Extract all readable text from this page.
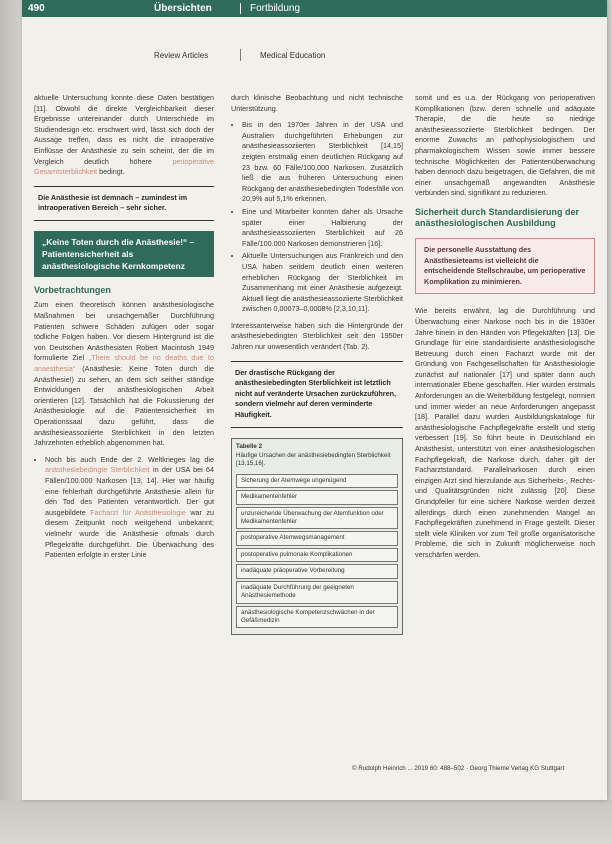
490	Übersichten	Fortbildung
Review Articles	Medical Education

aktuelle Untersuchung konnte diese Daten bestätigen [11]. Obwohl die direkte Vergleichbarkeit dieser Ergebnisse untereinander durch Unterschiede im Studiendesign etc. erschwert wird, lässt sich doch der Aussage treffen, dass es nicht die intraoperative Einflüsse der Anästhesie zu sein scheint, der die im Vergleich deutlich höhere perioperative Gesamtsterblichkeit bedingt.

Die Anästhesie ist demnach – zumindest im intraoperativen Bereich – sehr sicher.
„Keine Toten durch die Anästhesie!“ – Patientensicherheit als anästhesiologische Kernkompetenz
Vorbetrachtungen

Zum einen theoretisch können anästhesiologische Maßnahmen bei unsachgemäßer Durchführung Patienten schwere Schäden zufügen oder sogar tödliche Folgen haben. Vor diesem Hintergrund ist die von Deutschen Anästhesisten Robert Macintosh 1949 formulierte Ziel „There should be no deaths due to anaesthesia“ (Anästhesie: Keine Toten durch die Anästhesie!) zu sehen, an dem sich seither ständige Entwicklungen der anästhesiologischen Arbeit orientieren [12]. Tatsächlich hat die Fokussierung der Anästhesiologie auf die Patientensicherheit im Operationssaal dazu geführt, dass die anästhesieassoziierte Sterblichkeit in den letzten Jahrzehnten erheblich abgenommen hat.

• Noch bis auch Ende der 2. Weltkrieges lag die anästhesiebedingte Sterblichkeit in der USA bei 64 Fällen/100.000 Narkosen [13, 14]. Hier war häufig eine fehlerhaft durchgeführte Anästhesie allein für den Tod des Patienten verantwortlich. Der gut ausgebildete Facharzt für Anästhesiologie war zu diesem Zeitpunkt noch weitgehend unbekannt; vielmehr wurde die Anästhesie oftmals durch Pflegekräfte durchgeführt. Die Überwachung des Patienten erfolgte in erster Linie

durch klinische Beobachtung und nicht technische Unterstützung.

• Bis in den 1970er Jahren in der USA und Australien durchgeführten Erhebungen zur anästhesieassoziierten Sterblichkeit [14,15] zeigten erstmalig einen deutlichen Rückgang auf 23 bzw. 60 Fälle/100.000 Narkosen. Zusätzlich ließ die aus früheren Untersuchung einen Rückgang der anästhesiebedingten Todesfälle von 20,9% auf 5,1% erkennen.
• Eine und Mitarbeiter konnten daher als Ursache später einer Halbierung der anästhesieassoziierten Sterblichkeit auf 26 Fälle/100.000 Narkosen demonstrieren [16].
• Aktuelle Untersuchungen aus Frankreich und den USA haben seitdem deutlich einen weiteren erheblichen Rückgang der Sterblichkeit im Zusammenhang mit einer Anästhesie aufgezeigt. Aktuell liegt die anästhesieassoziierte Sterblichkeit zwischen 0,00073–0,0008% [2,3,10,11].

Interessanterweise haben sich die Hintergründe der anästhesiebedingten Sterblichkeit seit den 1950er Jahren nur unwesentlich verändert (Tab. 2).

Der drastische Rückgang der anästhesiebedingten Sterblichkeit ist letztlich nicht auf veränderte Ursachen zurückzuführen, sondern vielmehr auf deren verminderte Häufigkeit.
Tabelle 2
Häufige Ursachen der anästhesiebedingten Sterblichkeit [13,15,16].
Sicherung der Atemwege ungenügend
Medikamentenfehler
unzureichende Überwachung der Atemfunktion oder Medikamentenfehler
postoperative Atemwegsmanagement
postoperative pulmonale Komplikationen
inadäquate präoperative Vorbereitung
inadäquate Durchführung der geeigneten Anästhesiemethode
anästhesiologische Kompetenzschwächen in der Gefäßmedizin

somit und es u.a. der Rückgang von perioperativen Komplikationen (bzw. deren schnelle und adäquate Therapie, die die heute so niedrige anästhesieassoziierte Sterblichkeit bedingen. Der enorme Zuwachs an pathophysiologischem und pharmakologischem Wissen sowie immer bessere technische Möglichkeiten der Patientenüberwachung haben dennoch dazu beigetragen, die Gefahren, die mit einer unsachgemäß angewandten Anästhesie verbunden sind, signifikant zu reduzieren.

Sicherheit durch Standardisierung der anästhesiologischen Ausbildung
Die personelle Ausstattung des Anästhesieteams ist vielleicht die entscheidende Stellschraube, um perioperative Komplikation zu minimieren.

Wie bereits erwähnt, lag die Durchführung und Überwachung einer Narkose noch bis in die 1930er Jahre hinein in den Händen von Pflegekräften [13]. Die Grundlage für eine standardisierte anästhesiologische Betreuung durch einen Facharzt wurde mit der Gründung von Fachgesellschaften für Anästhesiologie zunächst auf nationaler [17] und später dann auch internationaler Ebene geschaffen. Hier wurden erstmals Anforderungen an die Weiterbildung festgelegt, normiert und immer wieder an neue Anforderungen angepasst [18]. Parallel dazu wurden Ausbildungskataloge für anästhesiologische Fachpflegekräfte erstellt und stetig verbessert [19]. So führt heute in Deutschland ein Anästhesist, unterstützt von einer anästhesiologischen Fachpflegekraft, die Narkose durch, daher gilt der Facharztstandard. Parallelnarkosen durch einen einzigen Arzt sind hierzulande aus Sicherheits-, Rechts- und Qualitätsgründen nicht zulässig [20]. Diese Grundpfeiler für eine sichere Narkose werden derzeit allerdings durch einen zunehmenden Mangel an Fachpflegekräften zunehmend in Frage gestellt. Dieser stellt viele Kliniken vor zum Teil große organisatorische Probleme, die sich in Zukunft möglicherweise noch verschärfen werden.

© Rudolph Heinrich ... 2019 60: 488–502 · Georg Thieme Verlag KG Stuttgart
